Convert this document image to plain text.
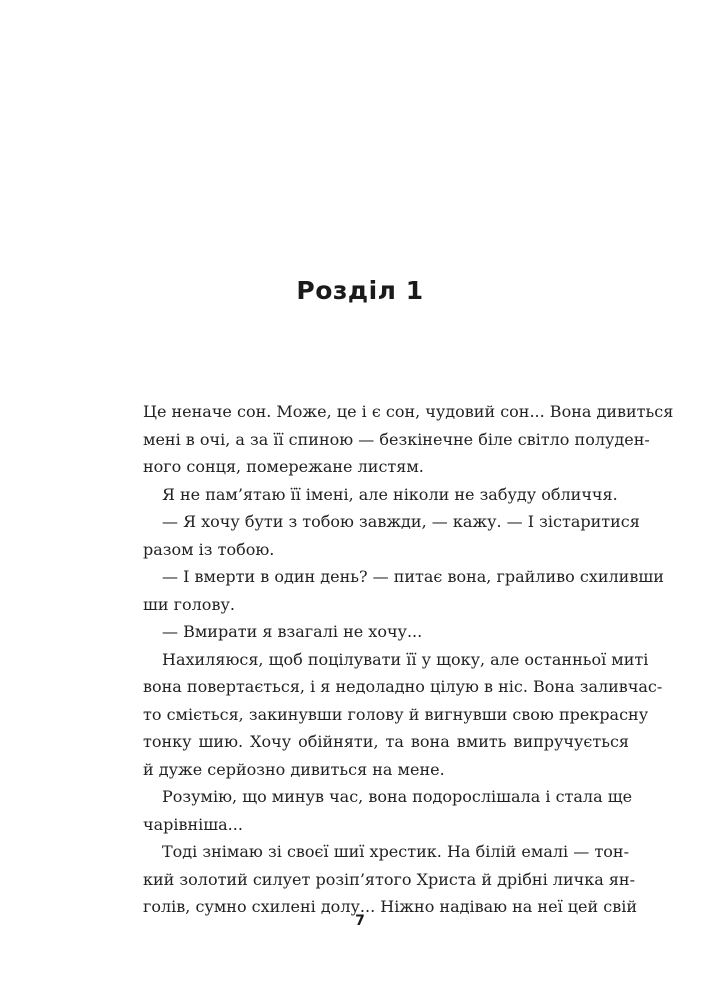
Розділ 1
Це неначе сон. Може, це і є сон, чудовий сон... Вона дивиться
мені в очі, а за її спиною — безкінечне біле світло полуден-
ного сонця, помережане листям.
Я не пам’ятаю її імені, але ніколи не забуду обличчя.
— Я хочу бути з тобою завжди, — кажу. — І зістаритися
разом із тобою.
— І вмерти в один день? — питає вона, грайливо схиливши
ши голову.
— Вмирати я взагалі не хочу...
Нахиляюся, щоб поцілувати її у щоку, але останньої миті
вона повертається, і я недоладно цілую в ніс. Вона заливчас-
то сміється, закинувши голову й вигнувши свою прекрасну
тонку шию. Хочу обійняти, та вона вмить випручується
й дуже серйозно дивиться на мене.
Розумію, що минув час, вона подорослішала і стала ще
чарівніша...
Тоді знімаю зі своєї шиї хрестик. На білій емалі — тон-
кий золотий силует розіп’ятого Христа й дрібні личка ян-
голів, сумно схилені долу... Ніжно надіваю на неї цей свій
7
